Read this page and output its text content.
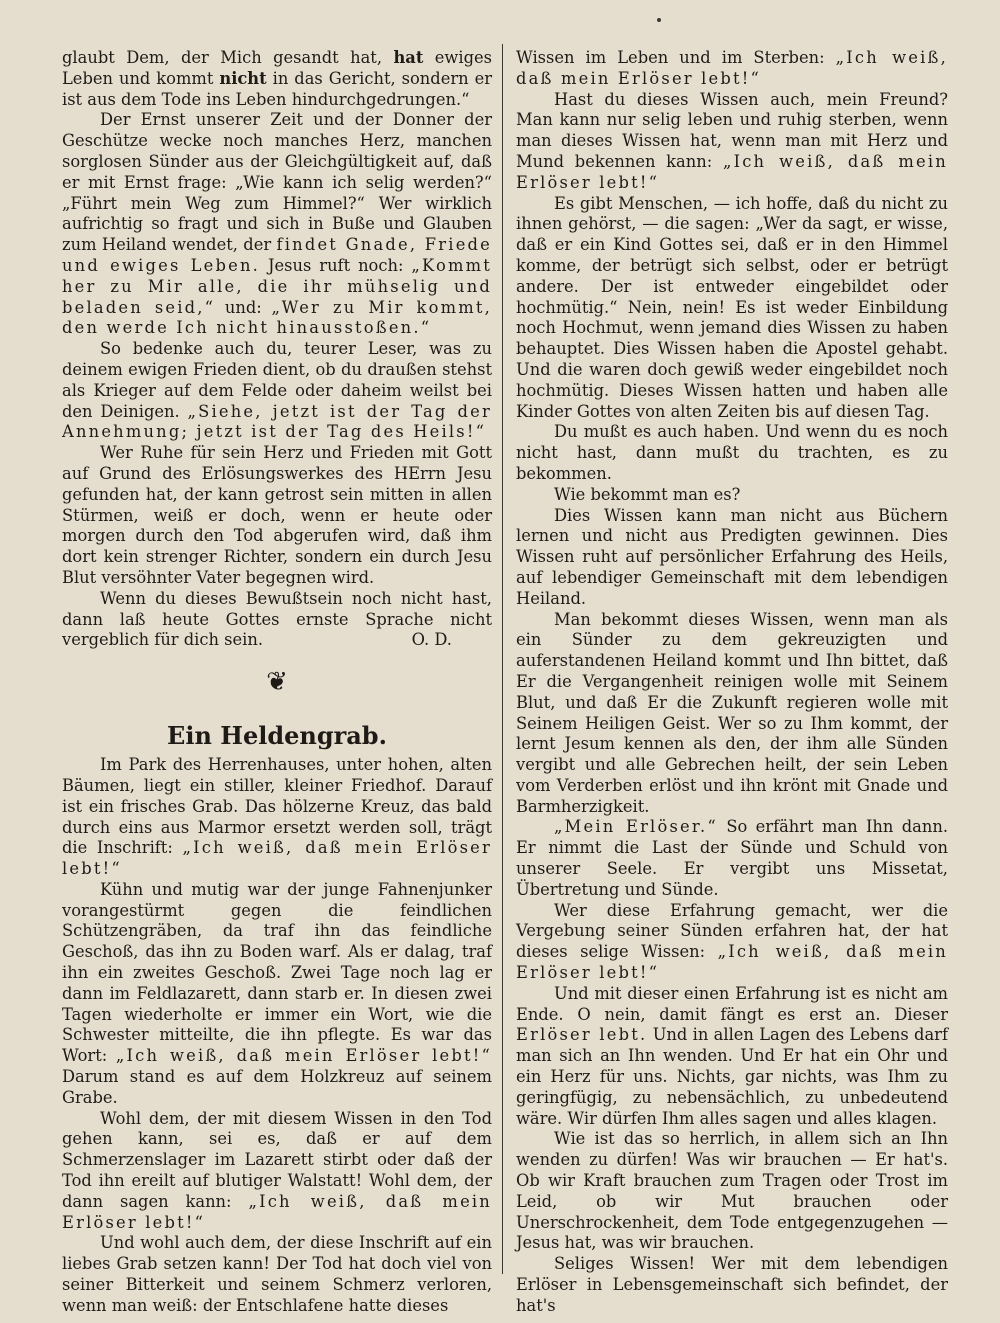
glaubt Dem, der Mich gesandt hat, hat ewiges Leben und kommt nicht in das Gericht, sondern er ist aus dem Tode ins Leben hindurchgedrungen.“

Der Ernst unserer Zeit und der Donner der Geschütze wecke noch manches Herz, manchen sorglosen Sünder aus der Gleichgültigkeit auf, daß er mit Ernst frage: „Wie kann ich selig werden?“ „Führt mein Weg zum Himmel?“ Wer wirklich aufrichtig so fragt und sich in Buße und Glauben zum Heiland wendet, der findet Gnade, Friede und ewiges Leben. Jesus ruft noch: „Kommt her zu Mir alle, die ihr mühselig und beladen seid,“ und: „Wer zu Mir kommt, den werde Ich nicht hinausstoßen.“

So bedenke auch du, teurer Leser, was zu deinem ewigen Frieden dient, ob du draußen stehst als Krieger auf dem Felde oder daheim weilst bei den Deinigen. „Siehe, jetzt ist der Tag der Annehmung; jetzt ist der Tag des Heils!“

Wer Ruhe für sein Herz und Frieden mit Gott auf Grund des Erlösungswerkes des HErrn Jesu gefunden hat, der kann getrost sein mitten in allen Stürmen, weiß er doch, wenn er heute oder morgen durch den Tod abgerufen wird, daß ihm dort kein strenger Richter, sondern ein durch Jesu Blut versöhnter Vater begegnen wird.

Wenn du dieses Bewußtsein noch nicht hast, dann laß heute Gottes ernste Sprache nicht vergeblich für dich sein.	O. D.

❦
Ein Heldengrab.

Im Park des Herrenhauses, unter hohen, alten Bäumen, liegt ein stiller, kleiner Friedhof. Darauf ist ein frisches Grab. Das hölzerne Kreuz, das bald durch eins aus Marmor ersetzt werden soll, trägt die Inschrift: „Ich weiß, daß mein Erlöser lebt!“

Kühn und mutig war der junge Fahnenjunker vorangestürmt gegen die feindlichen Schützengräben, da traf ihn das feindliche Geschoß, das ihn zu Boden warf. Als er dalag, traf ihn ein zweites Geschoß. Zwei Tage noch lag er dann im Feldlazarett, dann starb er. In diesen zwei Tagen wiederholte er immer ein Wort, wie die Schwester mitteilte, die ihn pflegte. Es war das Wort: „Ich weiß, daß mein Erlöser lebt!“ Darum stand es auf dem Holzkreuz auf seinem Grabe.

Wohl dem, der mit diesem Wissen in den Tod gehen kann, sei es, daß er auf dem Schmerzenslager im Lazarett stirbt oder daß der Tod ihn ereilt auf blutiger Walstatt! Wohl dem, der dann sagen kann: „Ich weiß, daß mein Erlöser lebt!“

Und wohl auch dem, der diese Inschrift auf ein liebes Grab setzen kann! Der Tod hat doch viel von seiner Bitterkeit und seinem Schmerz verloren, wenn man weiß: der Entschlafene hatte dieses

Wissen im Leben und im Sterben: „Ich weiß, daß mein Erlöser lebt!“

Hast du dieses Wissen auch, mein Freund? Man kann nur selig leben und ruhig sterben, wenn man dieses Wissen hat, wenn man mit Herz und Mund bekennen kann: „Ich weiß, daß mein Erlöser lebt!“

Es gibt Menschen, — ich hoffe, daß du nicht zu ihnen gehörst, — die sagen: „Wer da sagt, er wisse, daß er ein Kind Gottes sei, daß er in den Himmel komme, der betrügt sich selbst, oder er betrügt andere. Der ist entweder eingebildet oder hochmütig.“ Nein, nein! Es ist weder Einbildung noch Hochmut, wenn jemand dies Wissen zu haben behauptet. Dies Wissen haben die Apostel gehabt. Und die waren doch gewiß weder eingebildet noch hochmütig. Dieses Wissen hatten und haben alle Kinder Gottes von alten Zeiten bis auf diesen Tag.

Du mußt es auch haben. Und wenn du es noch nicht hast, dann mußt du trachten, es zu bekommen.

Wie bekommt man es?

Dies Wissen kann man nicht aus Büchern lernen und nicht aus Predigten gewinnen. Dies Wissen ruht auf persönlicher Erfahrung des Heils, auf lebendiger Gemeinschaft mit dem lebendigen Heiland.

Man bekommt dieses Wissen, wenn man als ein Sünder zu dem gekreuzigten und auferstandenen Heiland kommt und Ihn bittet, daß Er die Vergangenheit reinigen wolle mit Seinem Blut, und daß Er die Zukunft regieren wolle mit Seinem Heiligen Geist. Wer so zu Ihm kommt, der lernt Jesum kennen als den, der ihm alle Sünden vergibt und alle Gebrechen heilt, der sein Leben vom Verderben erlöst und ihn krönt mit Gnade und Barmherzigkeit.

„Mein Erlöser.“ So erfährt man Ihn dann. Er nimmt die Last der Sünde und Schuld von unserer Seele. Er vergibt uns Missetat, Übertretung und Sünde.

Wer diese Erfahrung gemacht, wer die Vergebung seiner Sünden erfahren hat, der hat dieses selige Wissen: „Ich weiß, daß mein Erlöser lebt!“

Und mit dieser einen Erfahrung ist es nicht am Ende. O nein, damit fängt es erst an. Dieser Erlöser lebt. Und in allen Lagen des Lebens darf man sich an Ihn wenden. Und Er hat ein Ohr und ein Herz für uns. Nichts, gar nichts, was Ihm zu geringfügig, zu nebensächlich, zu unbedeutend wäre. Wir dürfen Ihm alles sagen und alles klagen.

Wie ist das so herrlich, in allem sich an Ihn wenden zu dürfen! Was wir brauchen — Er hat's. Ob wir Kraft brauchen zum Tragen oder Trost im Leid, ob wir Mut brauchen oder Unerschrockenheit, dem Tode entgegenzugehen — Jesus hat, was wir brauchen.

Seliges Wissen! Wer mit dem lebendigen Erlöser in Lebensgemeinschaft sich befindet, der hat's
